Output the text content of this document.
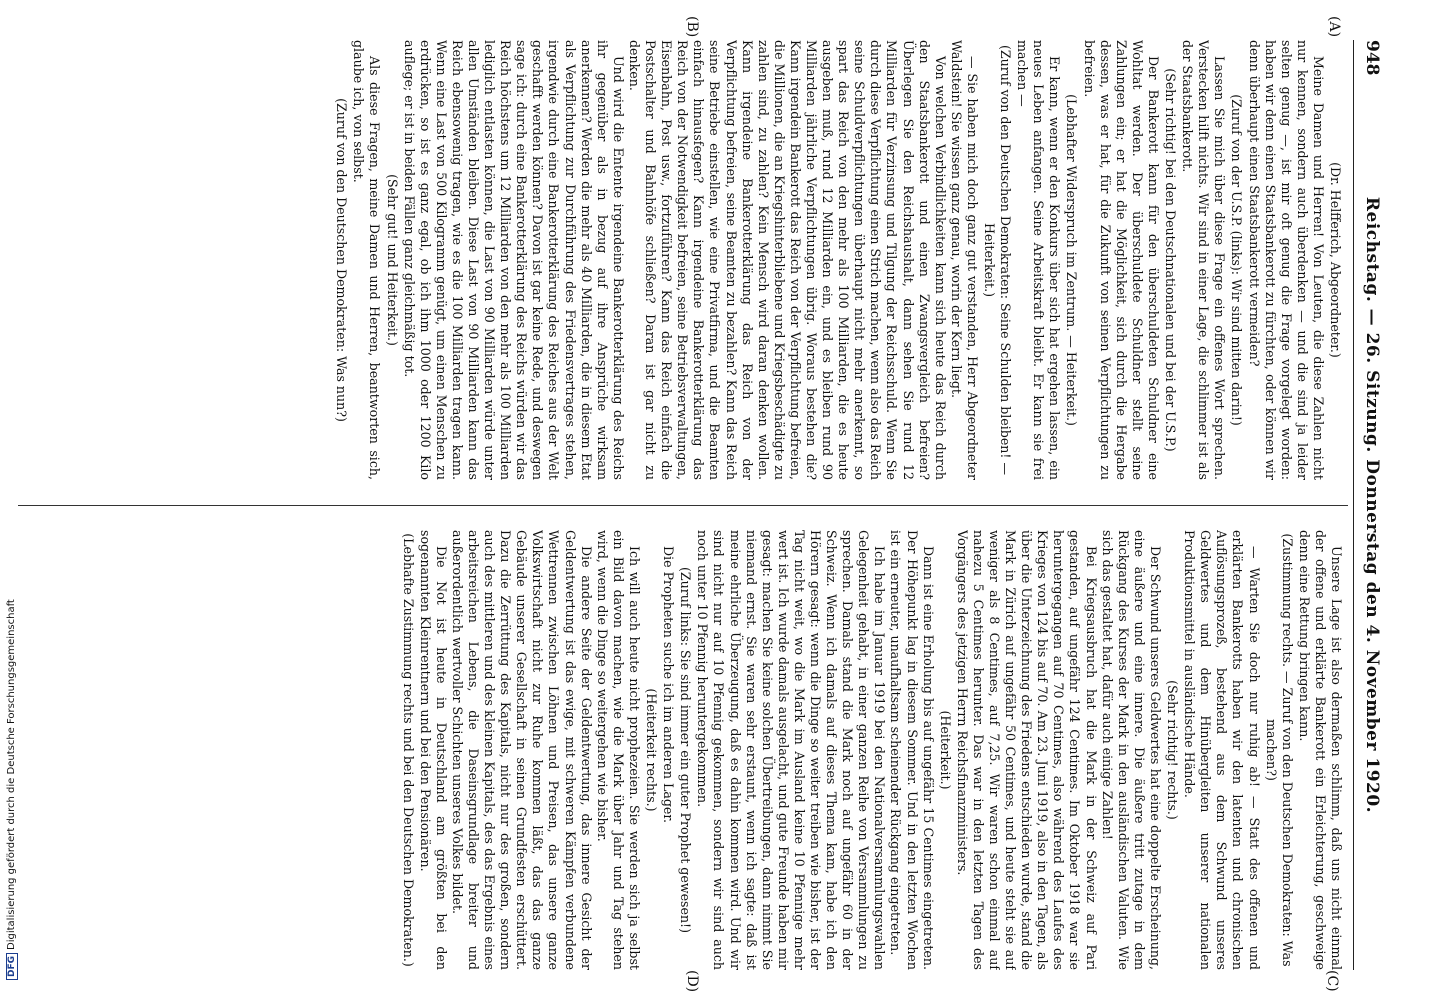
948
Reichstag. — 26. Sitzung. Donnerstag den 4. November 1920.
(A)
(B)
(C)
(D)

(Dr. Helfferich, Abgeordneter.)

Meine Damen und Herren! Von Leuten, die diese Zahlen nicht nur kennen, sondern auch überdenken — und die sind ja leider selten genug —, ist mir oft genug die Frage vorgelegt worden: haben wir denn einen Staatsbankerott zu fürchten, oder können wir denn überhaupt einen Staatsbankerott vermeiden?

(Zuruf von der U.S.P. (links): Wir sind mitten darin!)

Lassen Sie mich über diese Frage ein offenes Wort sprechen. Verstecken hilft nichts. Wir sind in einer Lage, die schlimmer ist als der Staatsbankerott.

(Sehr richtig! bei den Deutschnationalen und bei der U.S.P.)

Der Bankerott kann für den überschuldeten Schuldner eine Wohltat werden. Der überschuldete Schuldner stellt seine Zahlungen ein; er hat die Möglichkeit, sich durch die Hergabe dessen, was er hat, für die Zukunft von seinen Verpflichtungen zu befreien.

(Lebhafter Widerspruch im Zentrum. — Heiterkeit.)

Er kann, wenn er den Konkurs über sich hat ergehen lassen, ein neues Leben anfangen. Seine Arbeitskraft bleibt. Er kann sie frei machen —

(Zuruf von den Deutschen Demokraten: Seine Schulden bleiben! — Heiterkeit.)

— Sie haben mich doch ganz gut verstanden, Herr Abgeordneter Waldstein! Sie wissen ganz genau, worin der Kern liegt.

Von welchen Verbindlichkeiten kann sich heute das Reich durch den Staatsbankerott und einen Zwangsvergleich befreien? Überlegen Sie den Reichshaushalt, dann sehen Sie rund 12 Milliarden für Verzinsung und Tilgung der Reichsschuld. Wenn Sie durch diese Verpflichtung einen Strich machen, wenn also das Reich seine Schuldverpflichtungen überhaupt nicht mehr anerkennt, so spart das Reich von den mehr als 100 Milliarden, die es heute ausgeben muß, rund 12 Milliarden ein, und es bleiben rund 90 Milliarden jährliche Verpflichtungen übrig. Woraus bestehen die? Kann irgendein Bankerott das Reich von der Verpflichtung befreien, die Millionen, die an Kriegshinterbliebene und Kriegsbeschädigte zu zahlen sind, zu zahlen? Kein Mensch wird daran denken wollen. Kann irgendeine Bankerotterklärung das Reich von der Verpflichtung befreien, seine Beamten zu bezahlen? Kann das Reich seine Betriebe einstellen, wie eine Privatfirma, und die Beamten einfach hinausfegen? Kann irgendeine Bankerotterklärung das Reich von der Notwendigkeit befreien, seine Betriebsverwaltungen, Eisenbahn, Post usw., fortzuführen? Kann das Reich einfach die Postschalter und Bahnhöfe schließen? Daran ist gar nicht zu denken.

Und wird die Entente irgendeine Bankerotterklärung des Reichs ihr gegenüber als in bezug auf ihre Ansprüche wirksam anerkennen? Werden die mehr als 40 Milliarden, die in diesem Etat als Verpflichtung zur Durchführung des Friedensvertrages stehen, irgendwie durch eine Bankerotterklärung des Reiches aus der Welt geschafft werden können? Davon ist gar keine Rede, und deswegen sage ich: durch eine Bankerotterklärung des Reichs würden wir das Reich höchstens um 12 Milliarden von den mehr als 100 Milliarden lediglich entlasten können, die Last von 90 Milliarden würde unter allen Umständen bleiben. Diese Last von 90 Milliarden kann das Reich ebensowenig tragen, wie es die 100 Milliarden tragen kann. Wenn eine Last von 500 Kilogramm genügt, um einen Menschen zu erdrücken, so ist es ganz egal, ob ich ihm 1000 oder 1200 Kilo auflege; er ist in beiden Fällen ganz gleichmäßig tot.

(Sehr gut! und Heiterkeit.)

Als diese Fragen, meine Damen und Herren, beantworten sich, glaube ich, von selbst.

(Zuruf von den Deutschen Demokraten: Was nun?)

Unsere Lage ist also dermaßen schlimm, daß uns nicht einmal der offene und erklärte Bankerott ein Erleichterung, geschweige denn eine Rettung bringen kann.

(Zustimmung rechts. — Zuruf von den Deutschen Demokraten: Was machen?)

— Warten Sie doch nur ruhig ab! — Statt des offenen und erklärten Bankerotts haben wir den latenten und chronischen Auflösungsprozeß, bestehend aus dem Schwund unseres Geldwertes und dem Hinübergleiten unserer nationalen Produktionsmittel in ausländische Hände.

(Sehr richtig! rechts.)

Der Schwund unseres Geldwertes hat eine doppelte Erscheinung, eine äußere und eine innere. Die äußere tritt zutage in dem Rückgang des Kurses der Mark in den ausländischen Valuten. Wie sich das gestaltet hat, dafür auch einige Zahlen!

Bei Kriegsausbruch hat die Mark in der Schweiz auf Pari gestanden, auf ungefähr 124 Centimes. Im Oktober 1918 war sie heruntergegangen auf 70 Centimes, also während des Laufes des Krieges von 124 bis auf 70. Am 23. Juni 1919, also in den Tagen, als über die Unterzeichnung des Friedens entschieden wurde, stand die Mark in Zürich auf ungefähr 50 Centimes, und heute steht sie auf weniger als 8 Centimes, auf 7,25. Wir waren schon einmal auf nahezu 5 Centimes herunter. Das war in den letzten Tagen des Vorgängers des jetzigen Herrn Reichsfinanzministers.

(Heiterkeit.)

Dann ist eine Erholung bis auf ungefähr 15 Centimes eingetreten. Der Höhepunkt lag in diesem Sommer. Und in den letzten Wochen ist ein erneuter, unaufhaltsam scheinender Rückgang eingetreten.

Ich habe im Januar 1919 bei den Nationalversammlungswahlen Gelegenheit gehabt, in einer ganzen Reihe von Versammlungen zu sprechen. Damals stand die Mark noch auf ungefähr 60 in der Schweiz. Wenn ich damals auf dieses Thema kam, habe ich den Hörern gesagt: wenn die Dinge so weiter treiben wie bisher, ist der Tag nicht weit, wo die Mark im Ausland keine 10 Pfennige mehr wert ist. Ich wurde damals ausgelacht, und gute Freunde haben mir gesagt: machen Sie keine solchen Übertreibungen, dann nimmt Sie niemand ernst. Sie waren sehr erstaunt, wenn ich sagte: daß ist meine ehrliche Überzeugung, daß es dahin kommen wird. Und wir sind nicht nur auf 10 Pfennig gekommen, sondern wir sind auch noch unter 10 Pfennig heruntergekommen.

(Zuruf links: Sie sind immer ein guter Prophet gewesen!)

Die Propheten suche ich im anderen Lager.

(Heiterkeit rechts.)

Ich will auch heute nicht prophezeien. Sie werden sich ja selbst ein Bild davon machen, wie die Mark über Jahr und Tag stehen wird, wenn die Dinge so weitergehen wie bisher.

Die andere Seite der Geldentwertung, das innere Gesicht der Geldentwertung ist das ewige, mit schweren Kämpfen verbundene Wettrennen zwischen Löhnen und Preisen, das unsere ganze Volkswirtschaft nicht zur Ruhe kommen läßt, das das ganze Gebäude unserer Gesellschaft in seinen Grundfesten erschüttert. Dazu die Zerrüttung des Kapitals, nicht nur des großen, sondern auch des mittleren und des kleinen Kapitals, des das Ergebnis eines arbeitsreichen Lebens, die Daseinsgrundlage breiter und außerordentlich wertvoller Schichten unseres Volkes bildet.

Die Not ist heute in Deutschland am größten bei den sogenannten Kleinrentnern und bei den Pensionären.

(Lebhafte Zustimmung rechts und bei den Deutschen Demokraten.)

DFGDigitalisierung gefördert durch die Deutsche Forschungsgemeinschaft
